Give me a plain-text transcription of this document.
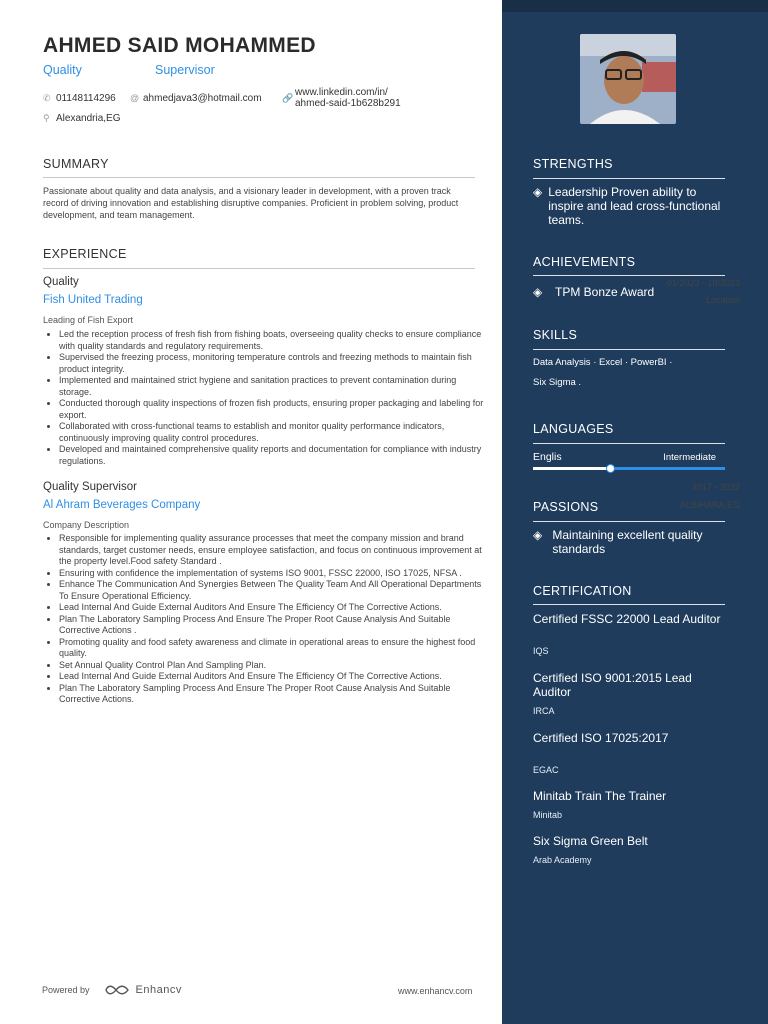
AHMED SAID MOHAMMED
Quality	Supervisor
✆ 01148114296 @ ahmedjava3@hotmail.com 🔗 www.linkedin.com/in/
ahmed-said-1b628b291
⚲ Alexandria,EG
SUMMARY
Passionate about quality and data analysis, and a visionary leader in development, with a proven track record of driving innovation and establishing disruptive companies. Proficient in problem solving, product development, and team management.
EXPERIENCE
Quality	01/2023 - 10/2023
Fish United Trading	Location
Leading of Fish Export
• Led the reception process of fresh fish from fishing boats, overseeing quality checks to ensure compliance with quality standards and regulatory requirements.
• Supervised the freezing process, monitoring temperature controls and freezing methods to maintain fish product integrity.
• Implemented and maintained strict hygiene and sanitation practices to prevent contamination during storage.
• Conducted thorough quality inspections of frozen fish products, ensuring proper packaging and labeling for export.
• Collaborated with cross-functional teams to establish and monitor quality performance indicators, continuously improving quality control procedures.
• Developed and maintained comprehensive quality reports and documentation for compliance with industry regulations.
Quality Supervisor	2017 - 2022
Al Ahram Beverages Company	ALBIHARA,EG
Company Description
• Responsible for implementing quality assurance processes that meet the company mission and brand standards, target customer needs, ensure employee satisfaction, and focus on continuous improvement at the property level.Food safety Standard .
• Ensuring with confidence the implementation of systems ISO 9001, FSSC 22000, ISO 17025, NFSA .
• Enhance The Communication And Synergies Between The Quality Team And All Operational Departments To Ensure Operational Efficiency.
• Lead Internal And Guide External Auditors And Ensure The Efficiency Of The Corrective Actions.
• Plan The Laboratory Sampling Process And Ensure The Proper Root Cause Analysis And Suitable Corrective Actions .
• Promoting quality and food safety awareness and climate in operational areas to ensure the highest food quality.
• Set Annual Quality Control Plan And Sampling Plan.
• Lead Internal And Guide External Auditors And Ensure The Efficiency Of The Corrective Actions.
• Plan The Laboratory Sampling Process And Ensure The Proper Root Cause Analysis And Suitable Corrective Actions.
Powered by	Enhancv	www.enhancv.com
STRENGTHS
◈ Leadership Proven ability to inspire and lead cross-functional teams.
ACHIEVEMENTS
◈	TPM Bonze Award
SKILLS
Data Analysis · Excel · PowerBI ·
Six Sigma .
LANGUAGES
Englis	Intermediate
PASSIONS
◈ Maintaining excellent quality standards
CERTIFICATION
Certified FSSC 22000 Lead Auditor
IQS
Certified ISO 9001:2015 Lead Auditor
IRCA
Certified ISO 17025:2017
EGAC
Minitab Train The Trainer
Minitab
Six Sigma Green Belt
Arab Academy
